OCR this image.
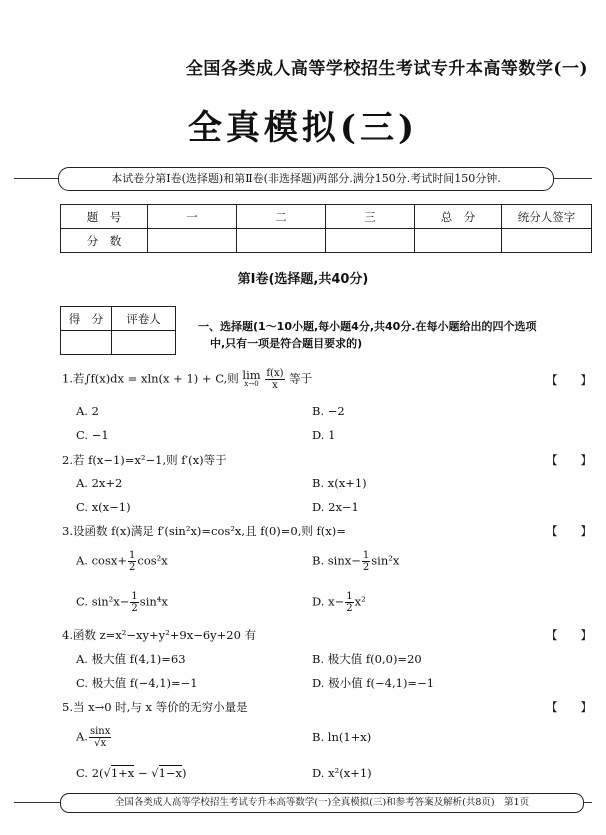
全国各类成人高等学校招生考试专升本高等数学(一)
全真模拟(三)
本试卷分第Ⅰ卷(选择题)和第Ⅱ卷(非选择题)两部分.满分150分.考试时间150分钟.
题　号	一	二	三	总　分	统分人签字
分　数					
第Ⅰ卷(选择题,共40分)
得　分	评卷人

一、选择题(1～10小题,每小题4分,共40分.在每小题给出的四个选项
中,只有一项是符合题目要求的)
1.若∫f(x)dx = xln(x + 1) + C,则 lim
x→0
$\frac{f(x)}{x}$ 等于	【　　】
A. 2	B. −2
C. −1	D. 1
2.若 f(x−1)=x²−1,则 f′(x)等于	【　　】
A. 2x+2	B. x(x+1)
C. x(x−1)	D. 2x−1
3.设函数 f(x)满足 f′(sin²x)=cos²x,且 f(0)=0,则 f(x)=	【　　】
A. $\cos x+ \frac{1}{2} \cos^2x$	B. $\sin x- \frac{1}{2} \sin^2x$
C. $\sin^2x- \frac{1}{2} \sin^4x$	D. $x- \frac{1}{2} x^2$
4.函数 z=x²−xy+y²+9x−6y+20 有	【　　】
A. 极大值 f(4,1)=63	B. 极大值 f(0,0)=20
C. 极大值 f(−4,1)=−1	D. 极小值 f(−4,1)=−1
5.当 x→0 时,与 x 等价的无穷小量是	【　　】
A. $\frac{\sin x}{√x}$	B. ln(1+x)
C. 2(√1+x − √1−x)	D. x²(x+1)
全国各类成人高等学校招生考试专升本高等数学(一)全真模拟(三)和参考答案及解析(共8页)　第1页
